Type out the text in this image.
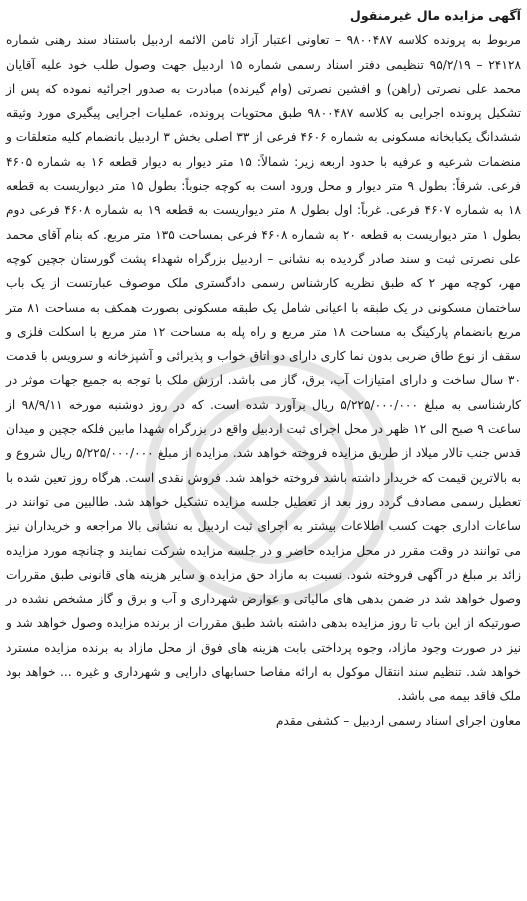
آگهی مزایده مال غیرمنقول
مربوط به پرونده کلاسه ۹۸۰۰۴۸۷ – تعاونی اعتبار آزاد ثامن الائمه اردبیل باستناد سند رهنی شماره ۲۴۱۲۸ – ۹۵/۲/۱۹ تنظیمی دفتر اسناد رسمی شماره ۱۵ اردبیل جهت وصول طلب خود علیه آقایان محمد علی نصرتی (راهن) و افشین نصرتی (وام گیرنده) مبادرت به صدور اجرائیه نموده که پس از تشکیل پرونده اجرایی به کلاسه ۹۸۰۰۴۸۷ طبق محتویات پرونده، عملیات اجرایی پیگیری مورد وثیقه ششدانگ یکبابخانه مسکونی به شماره ۴۶۰۶ فرعی از ۳۳ اصلی بخش ۳ اردبیل بانضمام کلیه متعلقات و منضمات شرعیه و عرفیه با حدود اربعه زیر: شمالاً: ۱۵ متر دیوار به دیوار قطعه ۱۶ به شماره ۴۶۰۵ فرعی. شرقاً: بطول ۹ متر دیوار و محل ورود است به کوچه جنوباً: بطول ۱۵ متر دیواریست به قطعه ۱۸ به شماره ۴۶۰۷ فرعی. غرباً: اول بطول ۸ متر دیواریست به قطعه ۱۹ به شماره ۴۶۰۸ فرعی دوم بطول ۱ متر دیواریست به قطعه ۲۰ به شماره ۴۶۰۸ فرعی بمساحت ۱۳۵ متر مربع. که بنام آقای محمد علی نصرتی ثبت و سند صادر گردیده به نشانی – اردبیل بزرگراه شهداء پشت گورستان جچین کوچه مهر، کوچه مهر ۲ که طبق نظریه کارشناس رسمی دادگستری ملک موصوف عبارتست از یک باب ساختمان مسکونی در یک طبقه با اعیانی شامل یک طبقه مسکونی بصورت همکف به مساحت ۸۱ متر مربع بانضمام پارکینگ به مساحت ۱۸ متر مربع و راه پله به مساحت ۱۲ متر مربع با اسکلت فلزی و سقف از نوع طاق ضربی بدون نما کاری دارای دو اتاق خواب و پذیرائی و آشپزخانه و سرویس با قدمت ۳۰ سال ساخت و دارای امتیازات آب، برق، گاز می باشد. ارزش ملک با توجه به جمیع جهات موثر در کارشناسی به مبلغ ۵/۲۲۵/۰۰۰/۰۰۰ ریال برآورد شده است. که در روز دوشنبه مورخه ۹۸/۹/۱۱ از ساعت ۹ صبح الی ۱۲ ظهر در محل اجرای ثبت اردبیل واقع در بزرگراه شهدا مابین فلکه جچین و میدان قدس جنب تالار میلاد از طریق مزایده فروخته خواهد شد. مزایده از مبلغ ۵/۲۲۵/۰۰۰/۰۰۰ ریال شروع و به بالاترین قیمت که خریدار داشته باشد فروخته خواهد شد. فروش نقدی است. هرگاه روز تعین شده با تعطیل رسمی مصادف گردد روز بعد از تعطیل جلسه مزایده تشکیل خواهد شد. طالبین می توانند در ساعات اداری جهت کسب اطلاعات بیشتر به اجرای ثبت اردبیل به نشانی بالا مراجعه و خریداران نیز می توانند در وقت مقرر در محل مزایده حاضر و در جلسه مزایده شرکت نمایند و چنانچه مورد مزایده زائد بر مبلغ در آگهی فروخته شود. نسبت به مازاد حق مزایده و سایر هزینه های قانونی طبق مقررات وصول خواهد شد در ضمن بدهی های مالیاتی و عوارض شهرداری و آب و برق و گاز مشخص نشده در صورتیکه از این باب تا روز مزایده بدهی داشته باشد طبق مقررات از برنده مزایده وصول خواهد شد و نیز در صورت وجود مازاد، وجوه پرداختی بابت هزینه های فوق از محل مازاد به برنده مزایده مسترد خواهد شد. تنظیم سند انتقال موکول به ارائه مفاصا حسابهای دارایی و شهرداری و غیره ... خواهد بود ملک فاقد بیمه می باشد.
معاون اجرای اسناد رسمی اردبیل – کشفی مقدم
